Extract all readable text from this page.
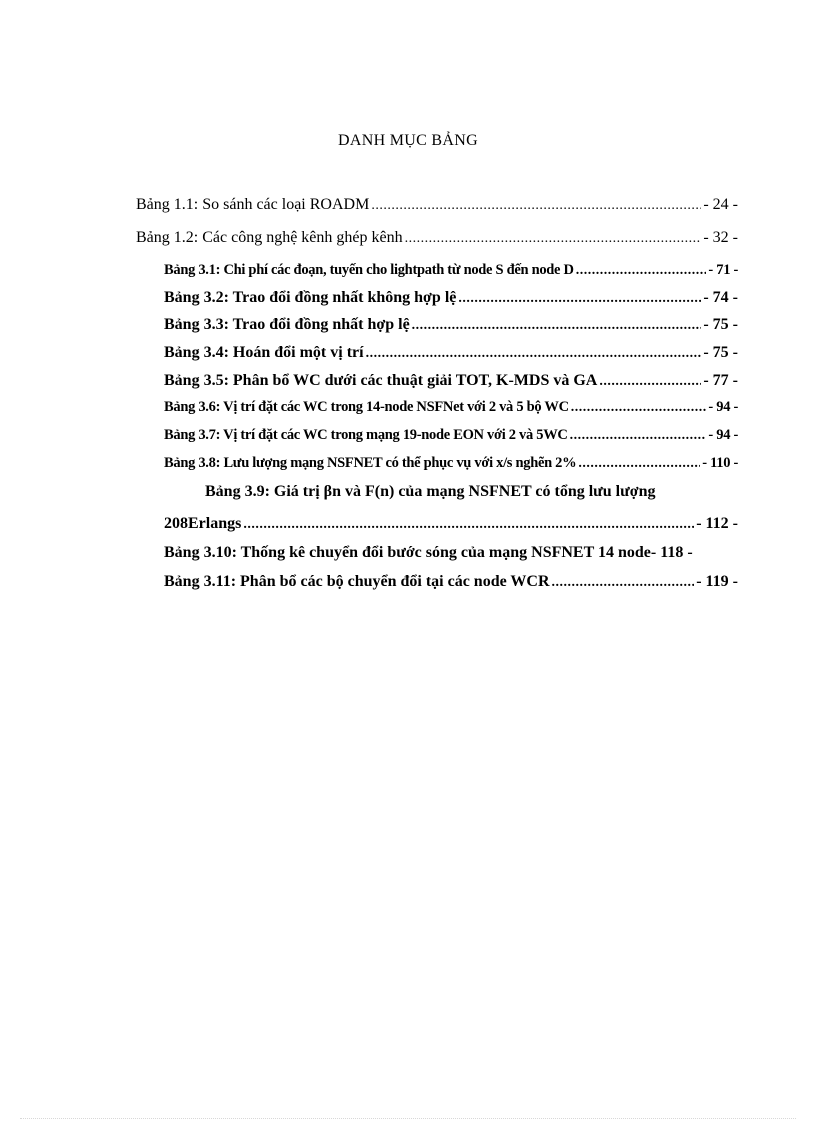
DANH MỤC BẢNG
Bảng 1.1: So sánh các loại ROADM .....	- 24 -
Bảng 1.2: Các công nghệ kênh ghép kênh .....	- 32 -
Bảng 3.1: Chi phí các đoạn, tuyến cho lightpath từ node S đến node D .....	- 71 -
Bảng 3.2: Trao đổi đồng nhất không hợp lệ .....	- 74 -
Bảng 3.3: Trao đổi đồng nhất hợp lệ .....	- 75 -
Bảng 3.4: Hoán đổi một vị trí .....	- 75 -
Bảng 3.5: Phân bổ WC dưới các thuật giải TOT, K-MDS và GA .....	- 77 -
Bảng 3.6: Vị trí đặt các WC trong 14-node NSFNet với 2 và 5 bộ WC .....	- 94 -
Bảng 3.7: Vị trí đặt các WC trong mạng 19-node EON với 2 và 5WC .....	- 94 -
Bảng 3.8: Lưu lượng mạng NSFNET có thể phục vụ với x/s nghẽn 2% .....	- 110 -
Bảng 3.9: Giá trị βn và F(n) của mạng NSFNET có tổng lưu lượng
208Erlangs .....	- 112 -
Bảng 3.10: Thống kê chuyển đổi bước sóng của mạng NSFNET 14 node - 118 -
Bảng 3.11: Phân bổ các bộ chuyển đổi tại các node WCR .....	- 119 -
